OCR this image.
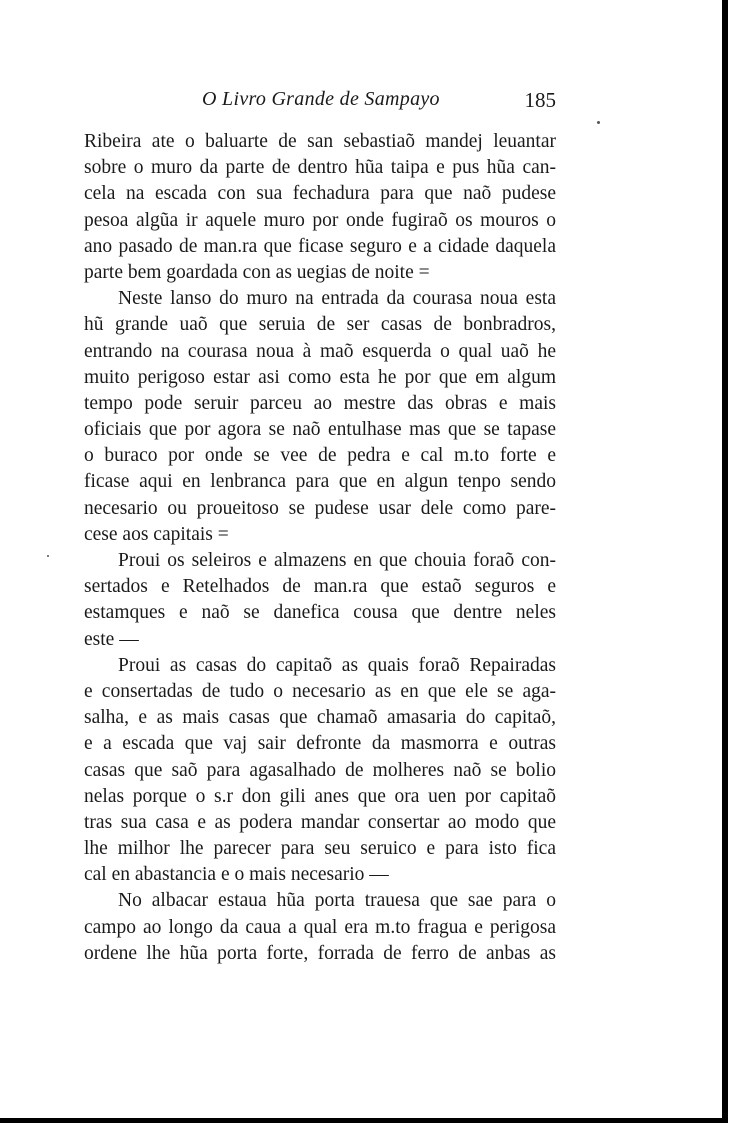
O Livro Grande de Sampayo	185

Ribeira ate o baluarte de san sebastiaõ mandej leuantar
sobre o muro da parte de dentro hũa taipa e pus hũa can-
cela na escada con sua fechadura para que naõ pudese
pesoa algũa ir aquele muro por onde fugiraõ os mouros o
ano pasado de man.ra que ficase seguro e a cidade daquela
parte bem goardada con as uegias de noite =

Neste lanso do muro na entrada da courasa noua esta
hũ grande uaõ que seruia de ser casas de bonbradros,
entrando na courasa noua à maõ esquerda o qual uaõ he
muito perigoso estar asi como esta he por que em algum
tempo pode seruir parceu ao mestre das obras e mais
oficiais que por agora se naõ entulhase mas que se tapase
o buraco por onde se vee de pedra e cal m.to forte e
ficase aqui en lenbranca para que en algun tenpo sendo
necesario ou proueitoso se pudese usar dele como pare-
cese aos capitais =

Proui os seleiros e almazens en que chouia foraõ con-
sertados e Retelhados de man.ra que estaõ seguros e
estamques e naõ se danefica cousa que dentre neles
este —

Proui as casas do capitaõ as quais foraõ Repairadas
e consertadas de tudo o necesario as en que ele se aga-
salha, e as mais casas que chamaõ amasaria do capitaõ,
e a escada que vaj sair defronte da masmorra e outras
casas que saõ para agasalhado de molheres naõ se bolio
nelas porque o s.r don gili anes que ora uen por capitaõ
tras sua casa e as podera mandar consertar ao modo que
lhe milhor lhe parecer para seu seruico e para isto fica
cal en abastancia e o mais necesario —

No albacar estaua hũa porta trauesa que sae para o
campo ao longo da caua a qual era m.to fragua e perigosa
ordene lhe hũa porta forte, forrada de ferro de anbas as
